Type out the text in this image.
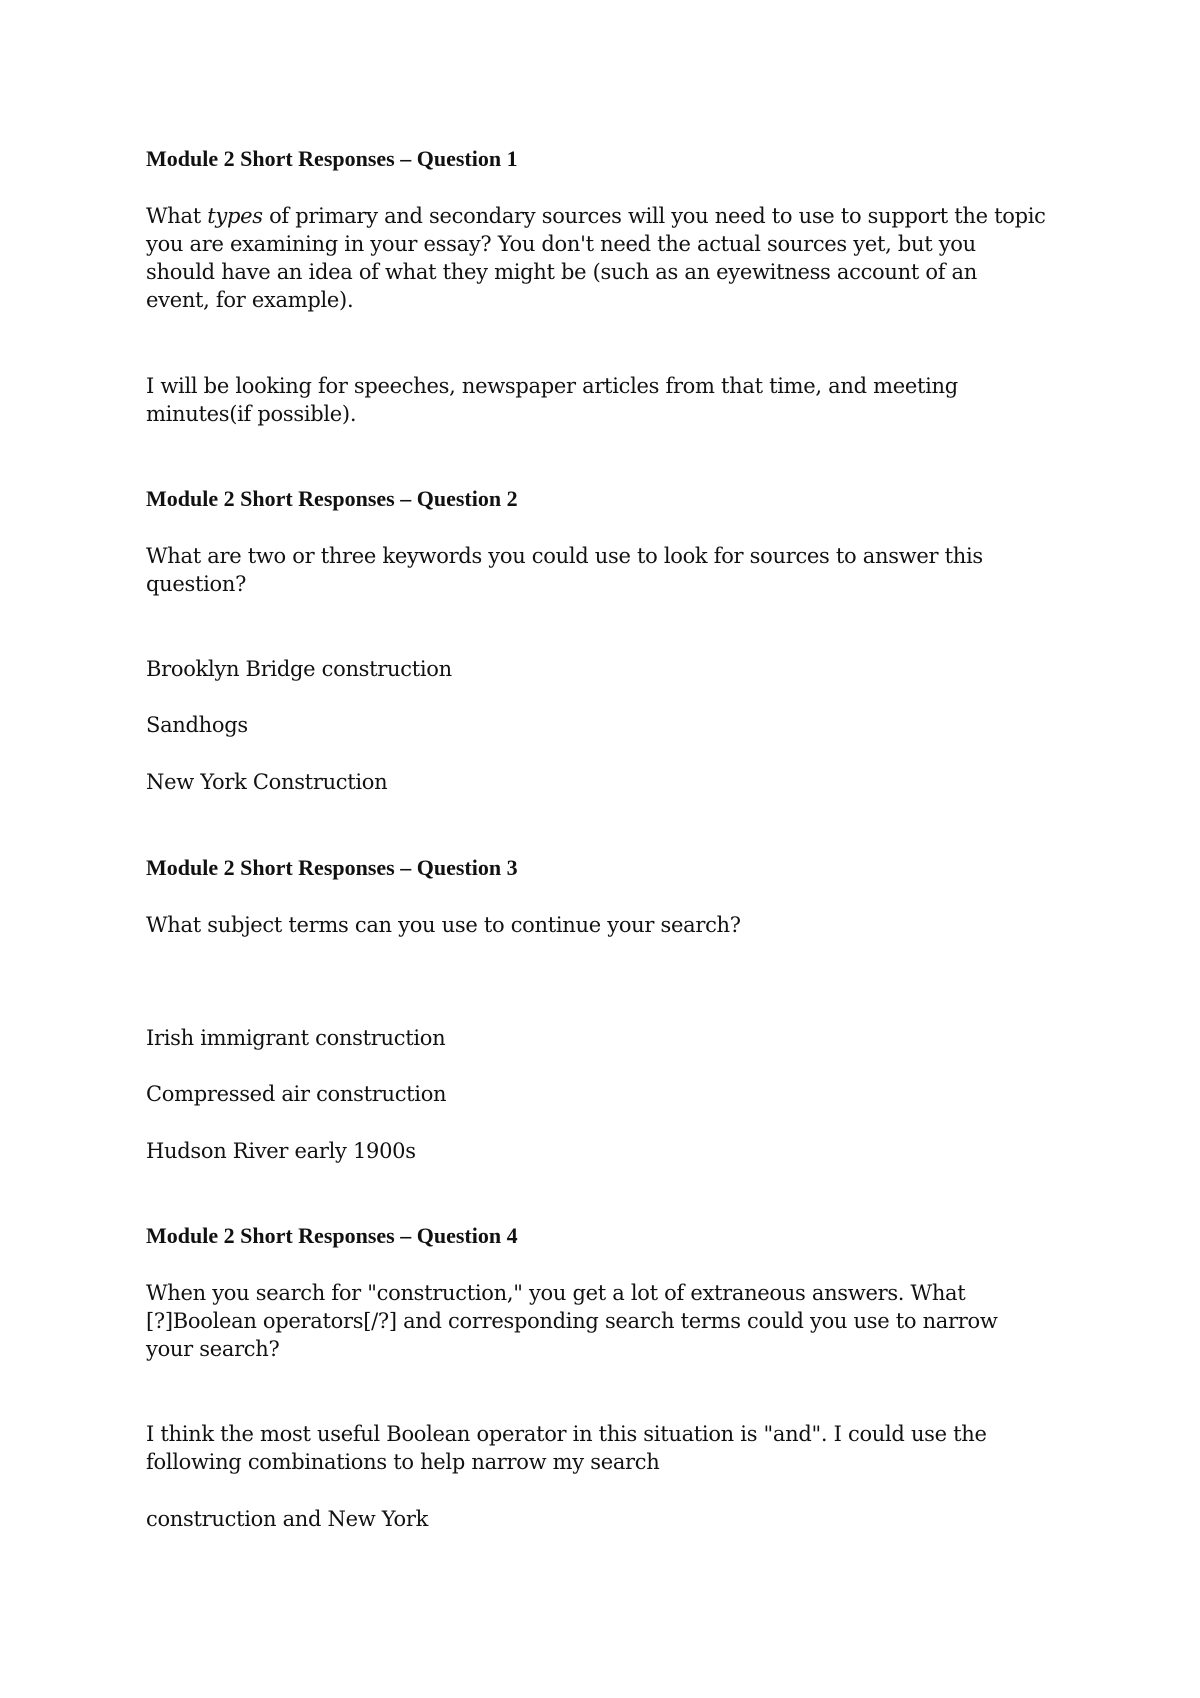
Module 2 Short Responses – Question 1

What types of primary and secondary sources will you need to use to support the topic you are examining in your essay? You don't need the actual sources yet, but you should have an idea of what they might be (such as an eyewitness account of an event, for example).

I will be looking for speeches, newspaper articles from that time, and meeting minutes(if possible).

Module 2 Short Responses – Question 2

What are two or three keywords you could use to look for sources to answer this question?

Brooklyn Bridge construction

Sandhogs

New York Construction

Module 2 Short Responses – Question 3

What subject terms can you use to continue your search?

Irish immigrant construction

Compressed air construction

Hudson River early 1900s

Module 2 Short Responses – Question 4

When you search for "construction," you get a lot of extraneous answers. What [?]Boolean operators[/?] and corresponding search terms could you use to narrow your search?

I think the most useful Boolean operator in this situation is "and". I could use the following combinations to help narrow my search

construction and New York
